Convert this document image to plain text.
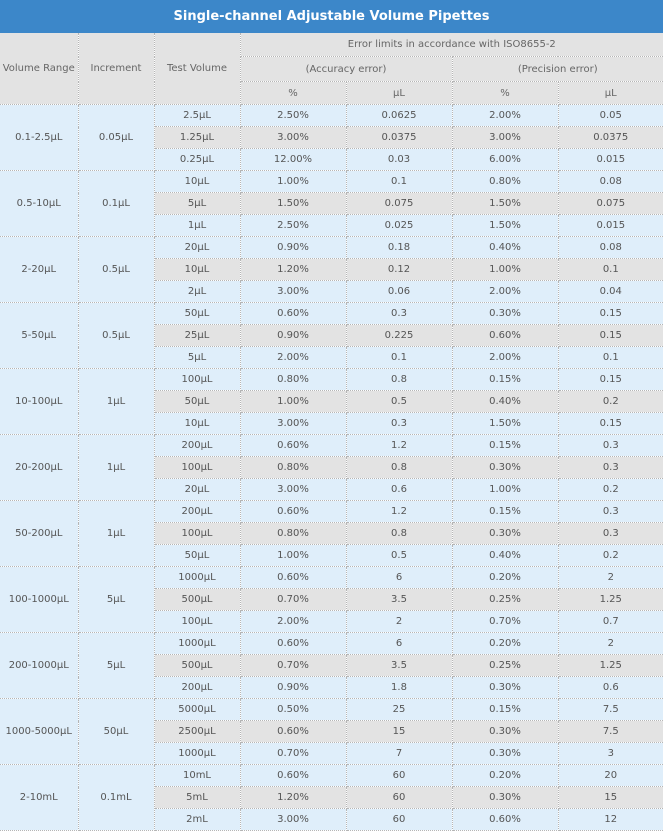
Single-channel Adjustable Volume Pipettes
Volume Range	Increment	Test Volume	Error limits in accordance with ISO8655-2			
			(Accuracy error)		(Precision error)	
			%	μL	%	μL
0.1-2.5μL	0.05μL	2.5μL	2.50%	0.0625	2.00%	0.05
		1.25μL	3.00%	0.0375	3.00%	0.0375
		0.25μL	12.00%	0.03	6.00%	0.015
0.5-10μL	0.1μL	10μL	1.00%	0.1	0.80%	0.08
		5μL	1.50%	0.075	1.50%	0.075
		1μL	2.50%	0.025	1.50%	0.015
2-20μL	0.5μL	20μL	0.90%	0.18	0.40%	0.08
		10μL	1.20%	0.12	1.00%	0.1
		2μL	3.00%	0.06	2.00%	0.04
5-50μL	0.5μL	50μL	0.60%	0.3	0.30%	0.15
		25μL	0.90%	0.225	0.60%	0.15
		5μL	2.00%	0.1	2.00%	0.1
10-100μL	1μL	100μL	0.80%	0.8	0.15%	0.15
		50μL	1.00%	0.5	0.40%	0.2
		10μL	3.00%	0.3	1.50%	0.15
20-200μL	1μL	200μL	0.60%	1.2	0.15%	0.3
		100μL	0.80%	0.8	0.30%	0.3
		20μL	3.00%	0.6	1.00%	0.2
50-200μL	1μL	200μL	0.60%	1.2	0.15%	0.3
		100μL	0.80%	0.8	0.30%	0.3
		50μL	1.00%	0.5	0.40%	0.2
100-1000μL	5μL	1000μL	0.60%	6	0.20%	2
		500μL	0.70%	3.5	0.25%	1.25
		100μL	2.00%	2	0.70%	0.7
200-1000μL	5μL	1000μL	0.60%	6	0.20%	2
		500μL	0.70%	3.5	0.25%	1.25
		200μL	0.90%	1.8	0.30%	0.6
1000-5000μL	50μL	5000μL	0.50%	25	0.15%	7.5
		2500μL	0.60%	15	0.30%	7.5
		1000μL	0.70%	7	0.30%	3
2-10mL	0.1mL	10mL	0.60%	60	0.20%	20
		5mL	1.20%	60	0.30%	15
		2mL	3.00%	60	0.60%	12
